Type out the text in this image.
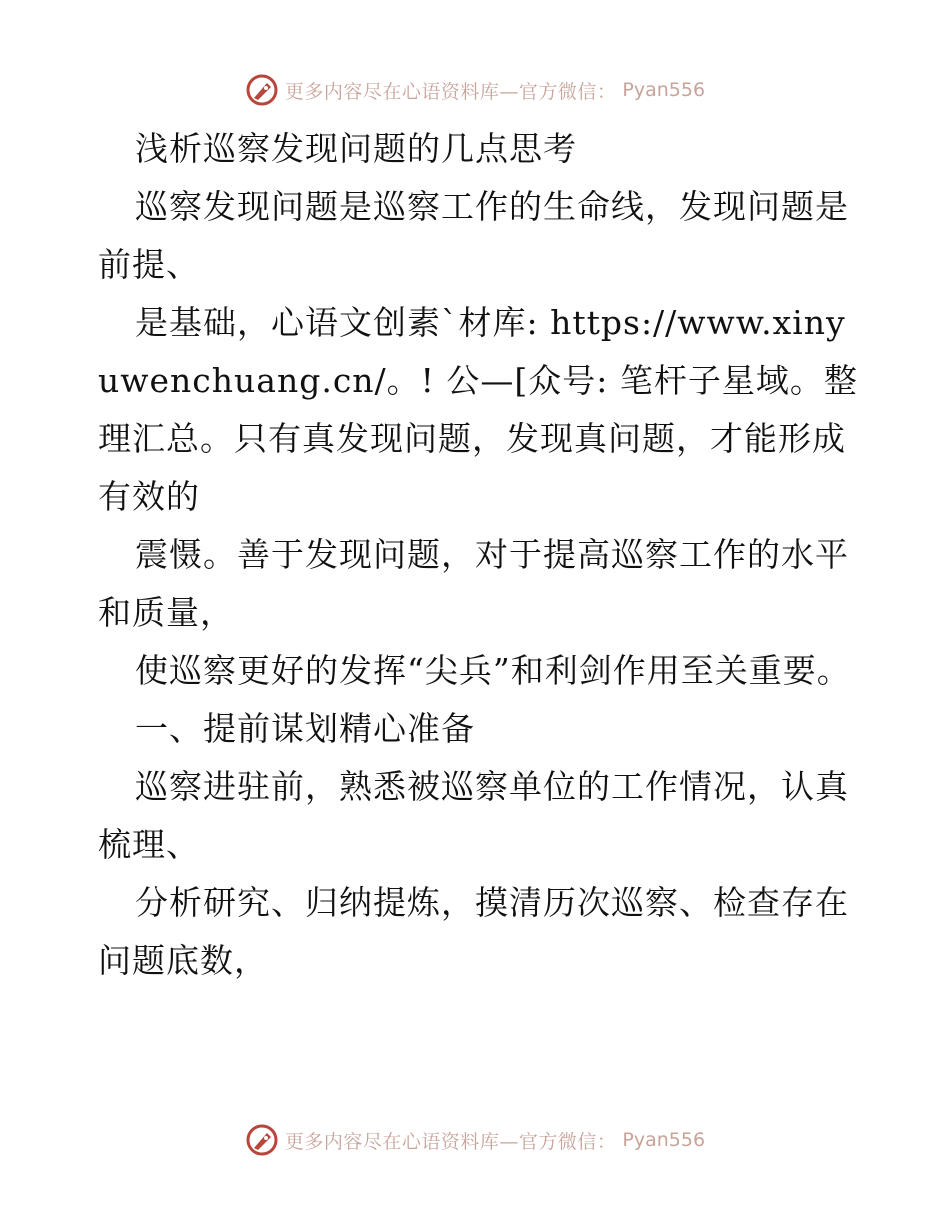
更多内容尽在心语资料库—官方微信： Pyan556

浅析巡察发现问题的几点思考

巡察发现问题是巡察工作的生命线，发现问题是前提、

是基础，心语文创素`材库: https://www.xinyuwenchuang.cn/。! 公—[众号: 笔杆子星域。整理汇总。只有真发现问题，发现真问题，才能形成有效的

震慑。善于发现问题，对于提高巡察工作的水平和质量，

使巡察更好的发挥“尖兵”和利剑作用至关重要。

一、提前谋划精心准备

巡察进驻前，熟悉被巡察单位的工作情况，认真梳理、

分析研究、归纳提炼，摸清历次巡察、检查存在问题底数，

更多内容尽在心语资料库—官方微信： Pyan556
